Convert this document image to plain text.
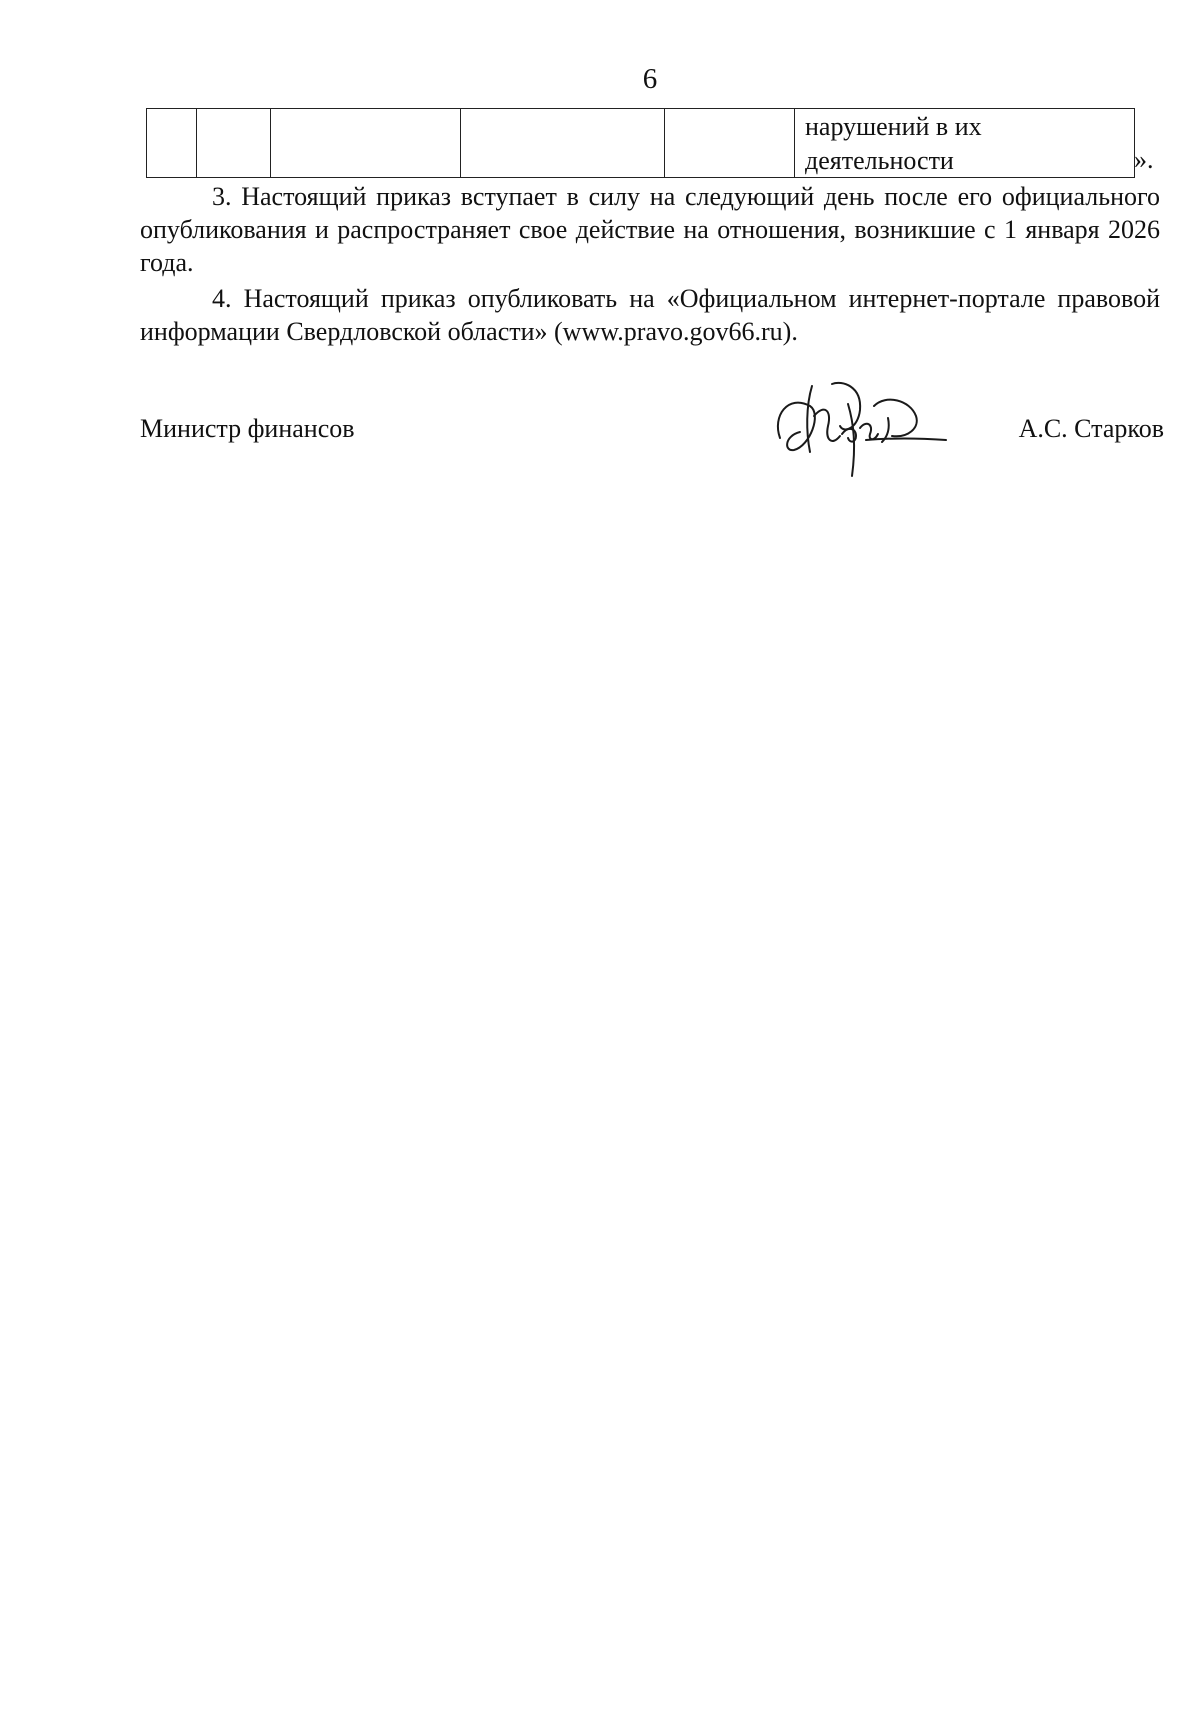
6

нарушений в их
деятельности	».
3. Настоящий приказ вступает в силу на следующий день после его официального опубликования и распространяет свое действие на отношения, возникшие с 1 января 2026 года.
4. Настоящий приказ опубликовать на «Официальном интернет-портале правовой информации Свердловской области» (www.pravo.gov66.ru).
Министр финансов	А.С. Старков
